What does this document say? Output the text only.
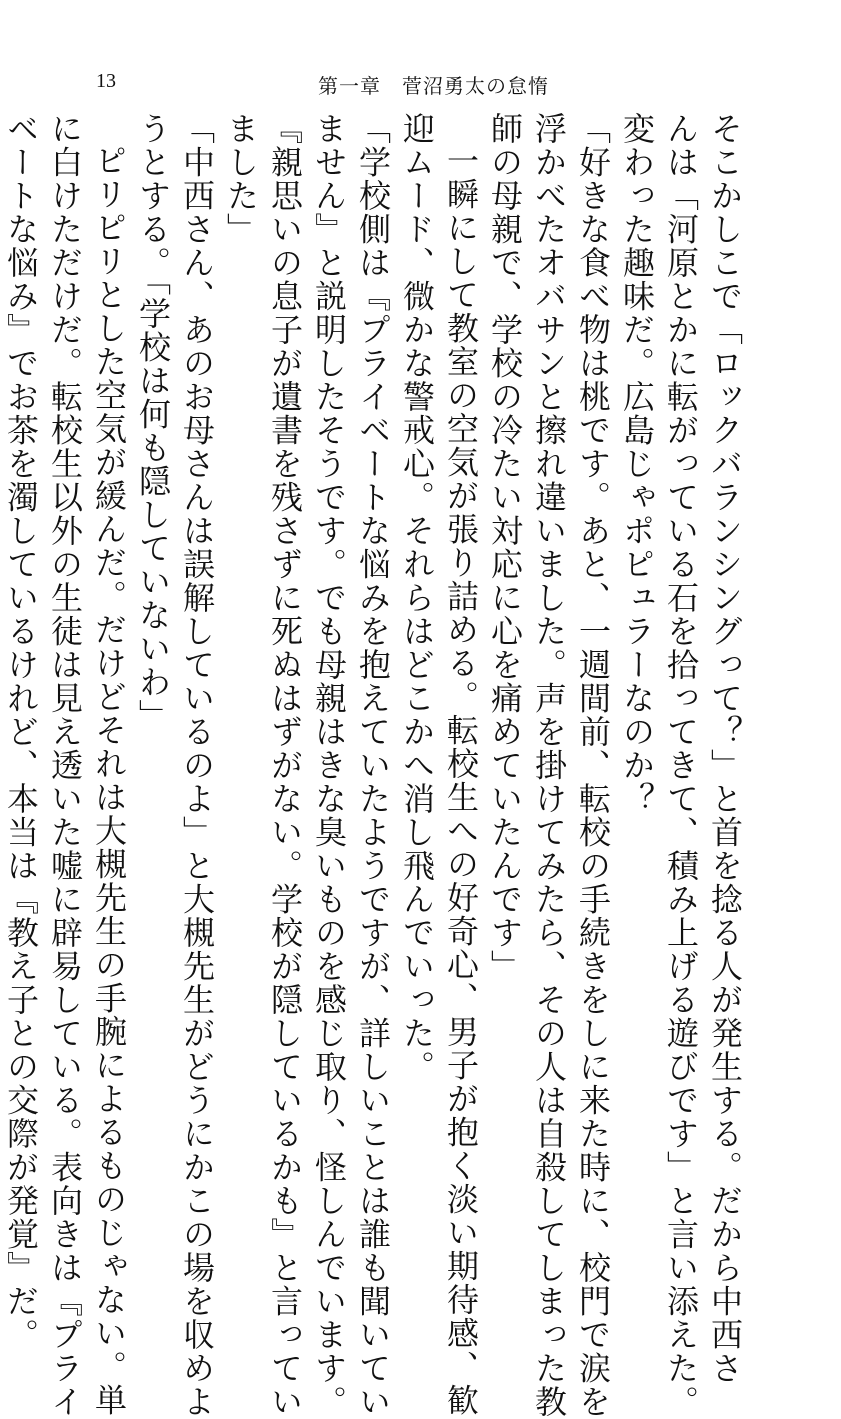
13	第一章　菅沼勇太の怠惰
そこかしこで「ロックバランシングって？」と首を捻る人が発生する。だから中西さ
んは「河原とかに転がっている石を拾ってきて、積み上げる遊びです」と言い添えた。
変わった趣味だ。広島じゃポピュラーなのか？
「好きな食べ物は桃です。あと、一週間前、転校の手続きをしに来た時に、校門で涙を
浮かべたオバサンと擦れ違いました。声を掛けてみたら、その人は自殺してしまった教
師の母親で、学校の冷たい対応に心を痛めていたんです」
一瞬にして教室の空気が張り詰める。転校生への好奇心、男子が抱く淡い期待感、歓
迎ムード、微かな警戒心。それらはどこかへ消し飛んでいった。
「学校側は『プライベートな悩みを抱えていたようですが、詳しいことは誰も聞いてい
ません』と説明したそうです。でも母親はきな臭いものを感じ取り、怪しんでいます。
『親思いの息子が遺書を残さずに死ぬはずがない。学校が隠しているかも』と言ってい
ました」
「中西さん、あのお母さんは誤解しているのよ」と大槻先生がどうにかこの場を収めよ
うとする。「学校は何も隠していないわ」
ピリピリとした空気が緩んだ。だけどそれは大槻先生の手腕によるものじゃない。単
に白けただけだ。転校生以外の生徒は見え透いた嘘に辟易している。表向きは『プライ
ベートな悩み』でお茶を濁しているけれど、本当は『教え子との交際が発覚』だ。
